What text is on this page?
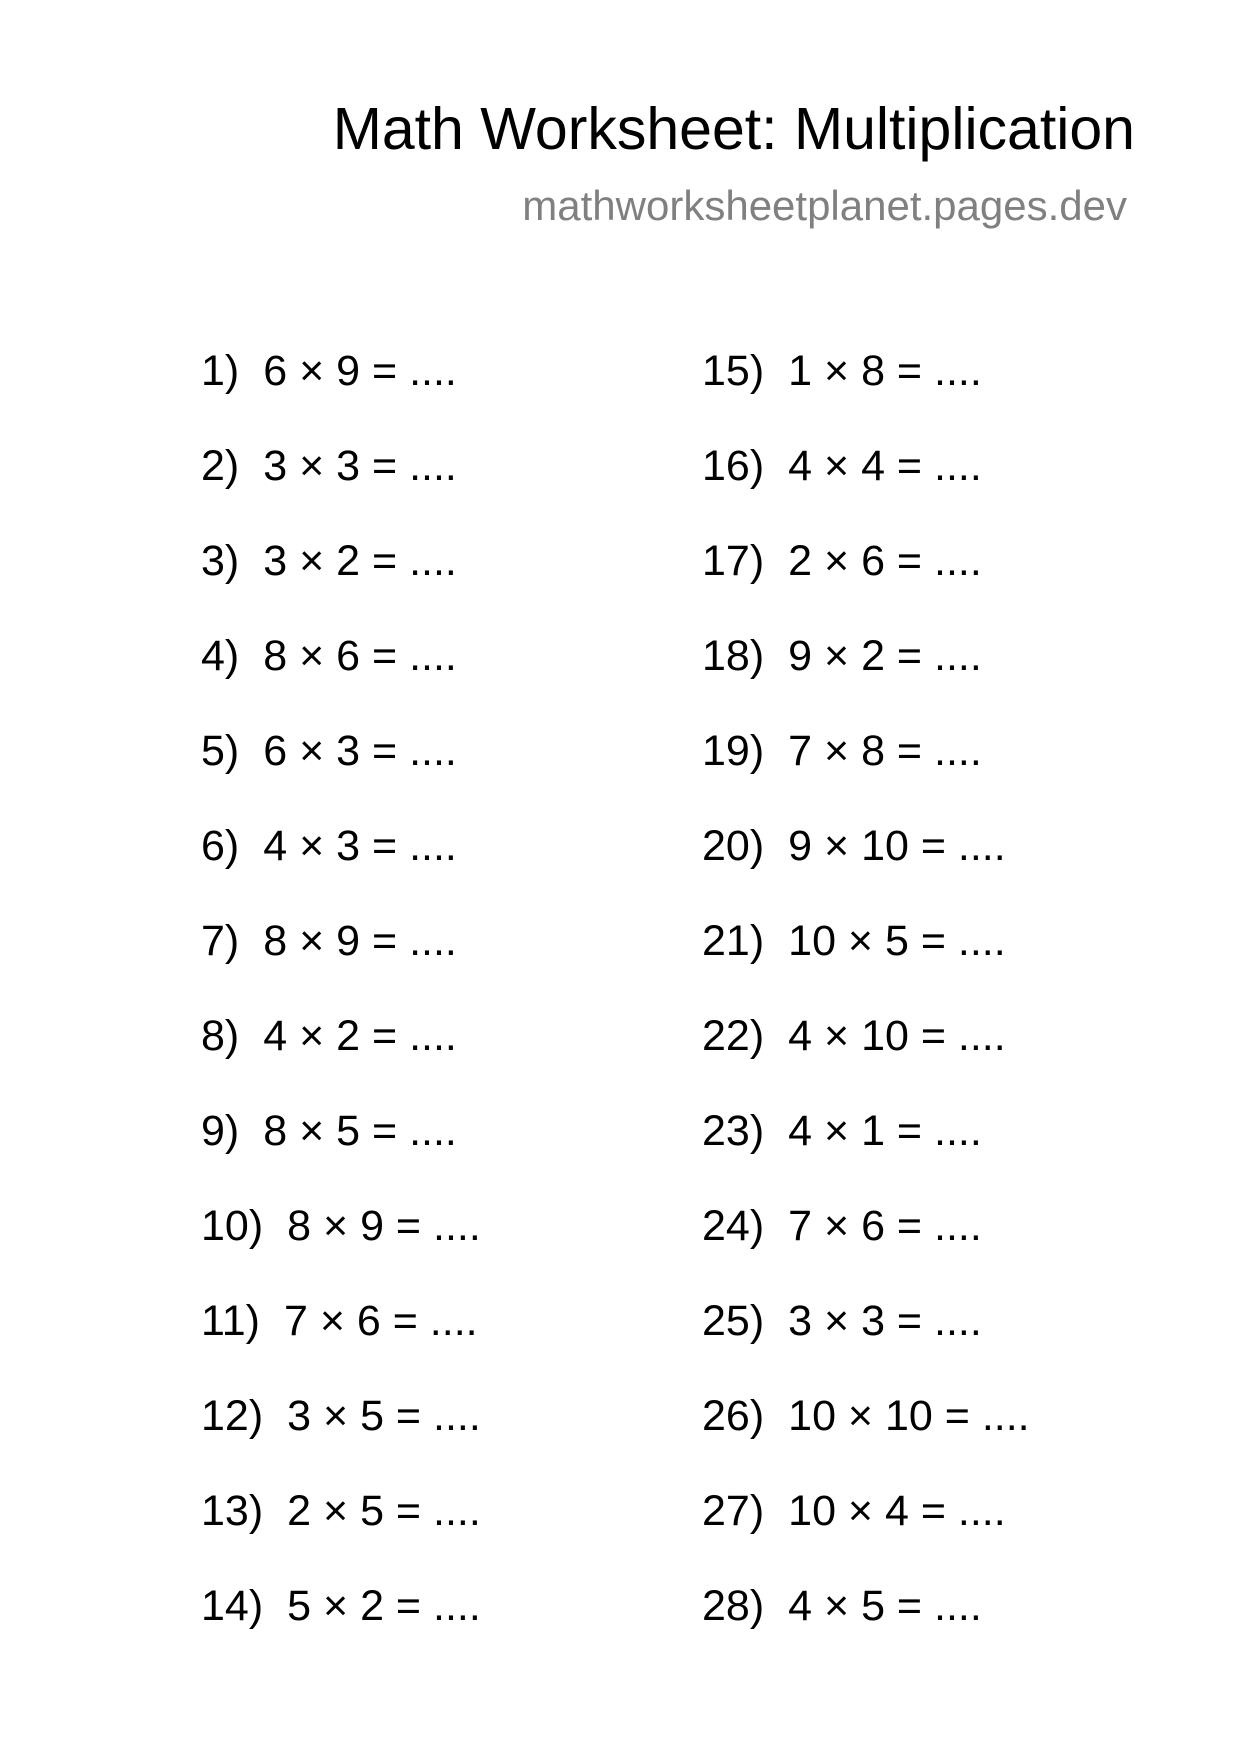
Math Worksheet: Multiplication
mathworksheetplanet.pages.dev
1) 6 × 9 = ....
2) 3 × 3 = ....
3) 3 × 2 = ....
4) 8 × 6 = ....
5) 6 × 3 = ....
6) 4 × 3 = ....
7) 8 × 9 = ....
8) 4 × 2 = ....
9) 8 × 5 = ....
10) 8 × 9 = ....
11) 7 × 6 = ....
12) 3 × 5 = ....
13) 2 × 5 = ....
14) 5 × 2 = ....
15) 1 × 8 = ....
16) 4 × 4 = ....
17) 2 × 6 = ....
18) 9 × 2 = ....
19) 7 × 8 = ....
20) 9 × 10 = ....
21) 10 × 5 = ....
22) 4 × 10 = ....
23) 4 × 1 = ....
24) 7 × 6 = ....
25) 3 × 3 = ....
26) 10 × 10 = ....
27) 10 × 4 = ....
28) 4 × 5 = ....
